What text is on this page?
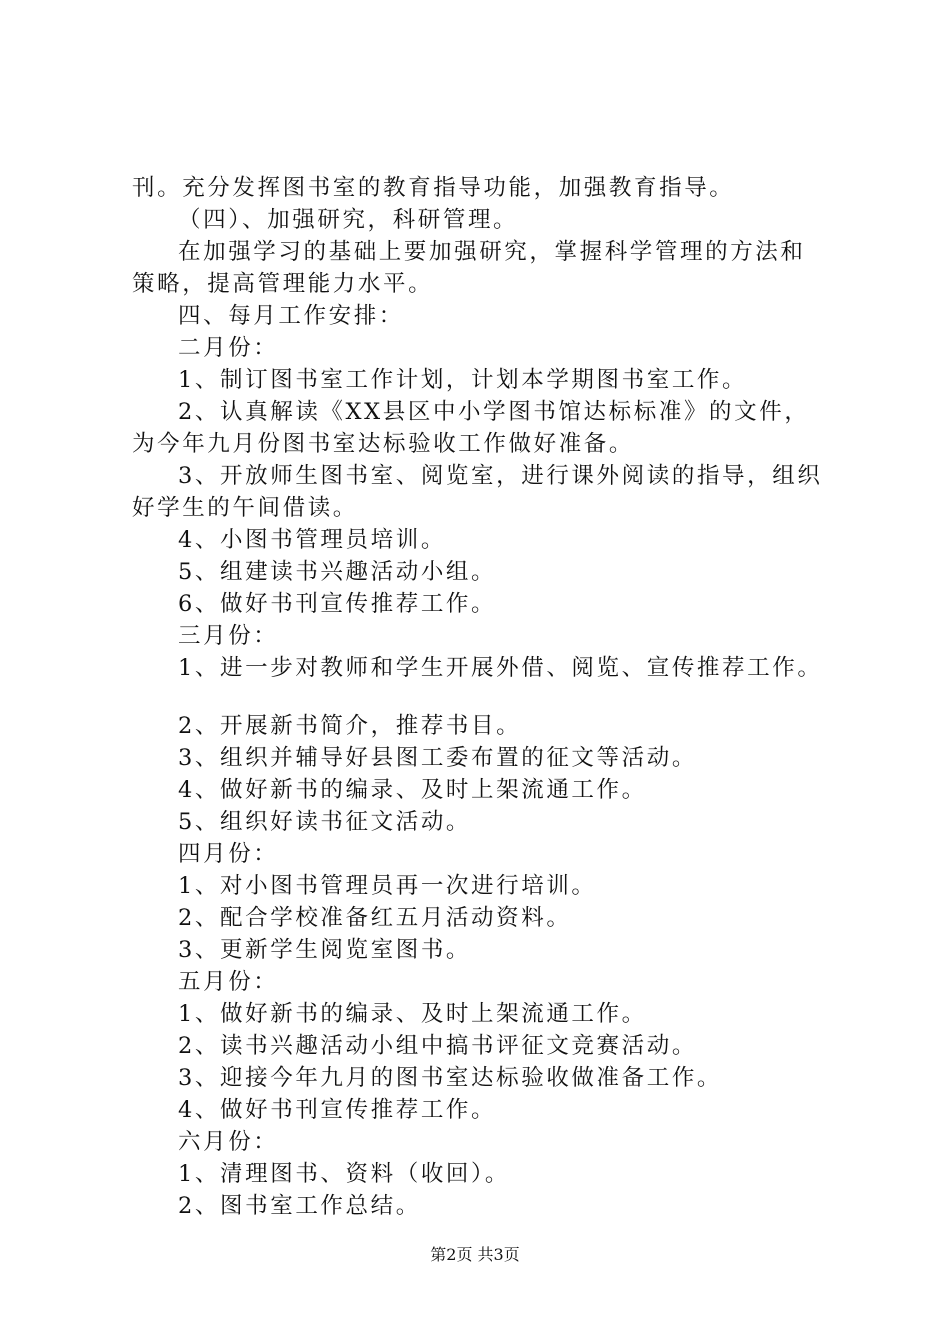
刊。充分发挥图书室的教育指导功能，加强教育指导。
（四）、加强研究，科研管理。
在加强学习的基础上要加强研究，掌握科学管理的方法和
策略，提高管理能力水平。
四、每月工作安排：
二月份：
1、制订图书室工作计划，计划本学期图书室工作。
2、认真解读《XX县区中小学图书馆达标标准》的文件，
为今年九月份图书室达标验收工作做好准备。
3、开放师生图书室、阅览室，进行课外阅读的指导，组织
好学生的午间借读。
4、小图书管理员培训。
5、组建读书兴趣活动小组。
6、做好书刊宣传推荐工作。
三月份：
1、进一步对教师和学生开展外借、阅览、宣传推荐工作。
2、开展新书简介，推荐书目。
3、组织并辅导好县图工委布置的征文等活动。
4、做好新书的编录、及时上架流通工作。
5、组织好读书征文活动。
四月份：
1、对小图书管理员再一次进行培训。
2、配合学校准备红五月活动资料。
3、更新学生阅览室图书。
五月份：
1、做好新书的编录、及时上架流通工作。
2、读书兴趣活动小组中搞书评征文竞赛活动。
3、迎接今年九月的图书室达标验收做准备工作。
4、做好书刊宣传推荐工作。
六月份：
1、清理图书、资料（收回）。
2、图书室工作总结。
第2页 共3页
